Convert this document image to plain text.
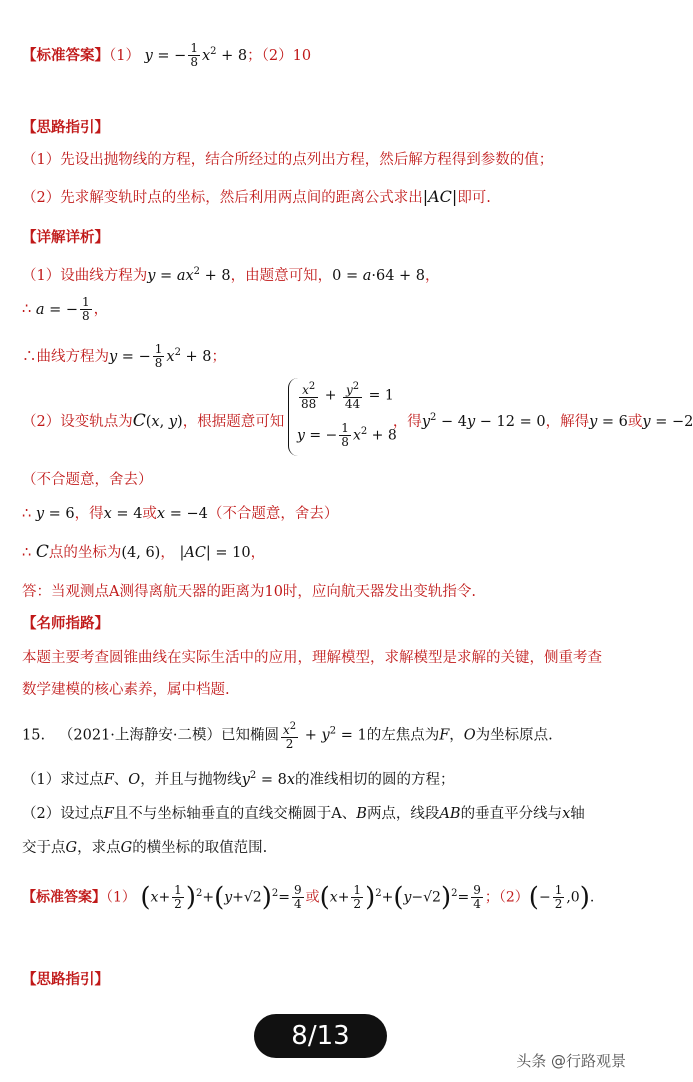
【标准答案】（1） y = − $\frac{1}{8} x^2 + 8$；（2）10
【思路指引】
（1）先设出抛物线的方程，结合所经过的点列出方程，然后解方程得到参数的值；
（2）先求解变轨时点的坐标，然后利用两点间的距离公式求出|AC|即可.
【详解详析】
（1）设曲线方程为$y = ax^2 + 8$，由题意可知，0 = a·64 + 8，
∴ a = − $\frac{1}{8}$ ，
∴曲线方程为y = − $\frac{1}{8} x^2 + 8$；
（2）设变轨点为C(x, y)，根据题意可知	，得$y^2 - 4y - 12 = 0$，解得y = 6或y = −2
$\frac{x^2}{88} + \frac{y^2}{44} = 1$
y = − $\frac{1}{8} x^2 + 8$
（不合题意，舍去）
∴ y = 6，得x = 4或x = −4（不合题意，舍去）
∴ C点的坐标为(4, 6)， |AC| = 10，
答：当观测点A测得离航天器的距离为10时，应向航天器发出变轨指令.
【名师指路】
本题主要考查圆锥曲线在实际生活中的应用，理解模型，求解模型是求解的关键，侧重考查
数学建模的核心素养，属中档题.
15. （2021·上海静安·二模）已知椭圆 $\frac{x^2}{2} + y^2 = 1$的左焦点为F，O为坐标原点.
（1）求过点F、O，并且与抛物线$y^2 = 8x$的准线相切的圆的方程；
（2）设过点F且不与坐标轴垂直的直线交椭圆于A、B两点，线段AB的垂直平分线与x轴
交于点G，求点G的横坐标的取值范围.
【标准答案】（1） $(x+ \frac{1}{2} )^2+(y+√2)^2= \frac{9}{4}$ 或$(x+ \frac{1}{2} )^2+(y-√2)^2= \frac{9}{4}$ ；$(2)(- \frac{1}{2} ,0)$.
【思路指引】
8/13
头条 @行路观景
